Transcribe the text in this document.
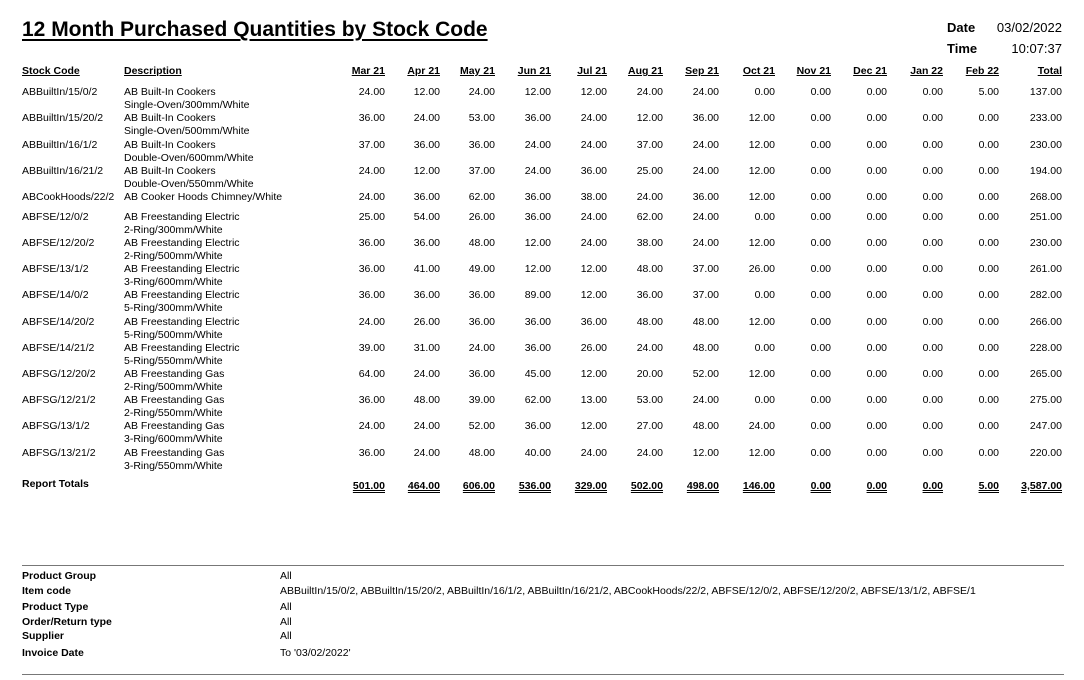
12 Month Purchased Quantities by Stock Code	Date	03/02/2022
Time	10:07:37
Stock Code	Description	Mar 21	Apr 21	May 21	Jun 21	Jul 21	Aug 21	Sep 21	Oct 21	Nov 21	Dec 21	Jan 22	Feb 22	Total
ABBuiltIn/15/0/2	AB Built-In Cookers
Single-Oven/300mm/White
24.00	12.00	24.00	12.00	12.00	24.00	24.00	0.00	0.00	0.00	0.00	5.00	137.00
ABBuiltIn/15/20/2 AB Built-In Cookers
Single-Oven/500mm/White
36.00	24.00	53.00	36.00	24.00	12.00	36.00	12.00	0.00	0.00	0.00	0.00	233.00
ABBuiltIn/16/1/2	AB Built-In Cookers
Double-Oven/600mm/White
37.00	36.00	36.00	24.00	24.00	37.00	24.00	12.00	0.00	0.00	0.00	0.00	230.00
ABBuiltIn/16/21/2 AB Built-In Cookers
Double-Oven/550mm/White
24.00	12.00	37.00	24.00	36.00	25.00	24.00	12.00	0.00	0.00	0.00	0.00	194.00
ABCookHoods/22/2 AB Cooker Hoods Chimney/White	24.00	36.00	62.00	36.00	38.00	24.00	36.00	12.00	0.00	0.00	0.00	0.00	268.00
ABFSE/12/0/2	AB Freestanding Electric
2-Ring/300mm/White
25.00	54.00	26.00	36.00	24.00	62.00	24.00	0.00	0.00	0.00	0.00	0.00	251.00
ABFSE/12/20/2	AB Freestanding Electric
2-Ring/500mm/White
36.00	36.00	48.00	12.00	24.00	38.00	24.00	12.00	0.00	0.00	0.00	0.00	230.00
ABFSE/13/1/2	AB Freestanding Electric
3-Ring/600mm/White
36.00	41.00	49.00	12.00	12.00	48.00	37.00	26.00	0.00	0.00	0.00	0.00	261.00
ABFSE/14/0/2	AB Freestanding Electric
5-Ring/300mm/White
36.00	36.00	36.00	89.00	12.00	36.00	37.00	0.00	0.00	0.00	0.00	0.00	282.00
ABFSE/14/20/2	AB Freestanding Electric
5-Ring/500mm/White
24.00	26.00	36.00	36.00	36.00	48.00	48.00	12.00	0.00	0.00	0.00	0.00	266.00
ABFSE/14/21/2	AB Freestanding Electric
5-Ring/550mm/White
39.00	31.00	24.00	36.00	26.00	24.00	48.00	0.00	0.00	0.00	0.00	0.00	228.00
ABFSG/12/20/2	AB Freestanding Gas
2-Ring/500mm/White
64.00	24.00	36.00	45.00	12.00	20.00	52.00	12.00	0.00	0.00	0.00	0.00	265.00
ABFSG/12/21/2	AB Freestanding Gas
2-Ring/550mm/White
36.00	48.00	39.00	62.00	13.00	53.00	24.00	0.00	0.00	0.00	0.00	0.00	275.00
ABFSG/13/1/2	AB Freestanding Gas
3-Ring/600mm/White
24.00	24.00	52.00	36.00	12.00	27.00	48.00	24.00	0.00	0.00	0.00	0.00	247.00
ABFSG/13/21/2	AB Freestanding Gas
3-Ring/550mm/White
36.00	24.00	48.00	40.00	24.00	24.00	12.00	12.00	0.00	0.00	0.00	0.00	220.00
Report Totals	501.00	464.00	606.00	536.00	329.00	502.00	498.00	146.00	0.00	0.00	0.00	5.00	3,587.00
Product Group	All
Item code	ABBuiltIn/15/0/2, ABBuiltIn/15/20/2, ABBuiltIn/16/1/2, ABBuiltIn/16/21/2, ABCookHoods/22/2, ABFSE/12/0/2, ABFSE/12/20/2, ABFSE/13/1/2, ABFSE/1
Product Type	All
Order/Return type	All
Supplier	All
Invoice Date	To '03/02/2022'
